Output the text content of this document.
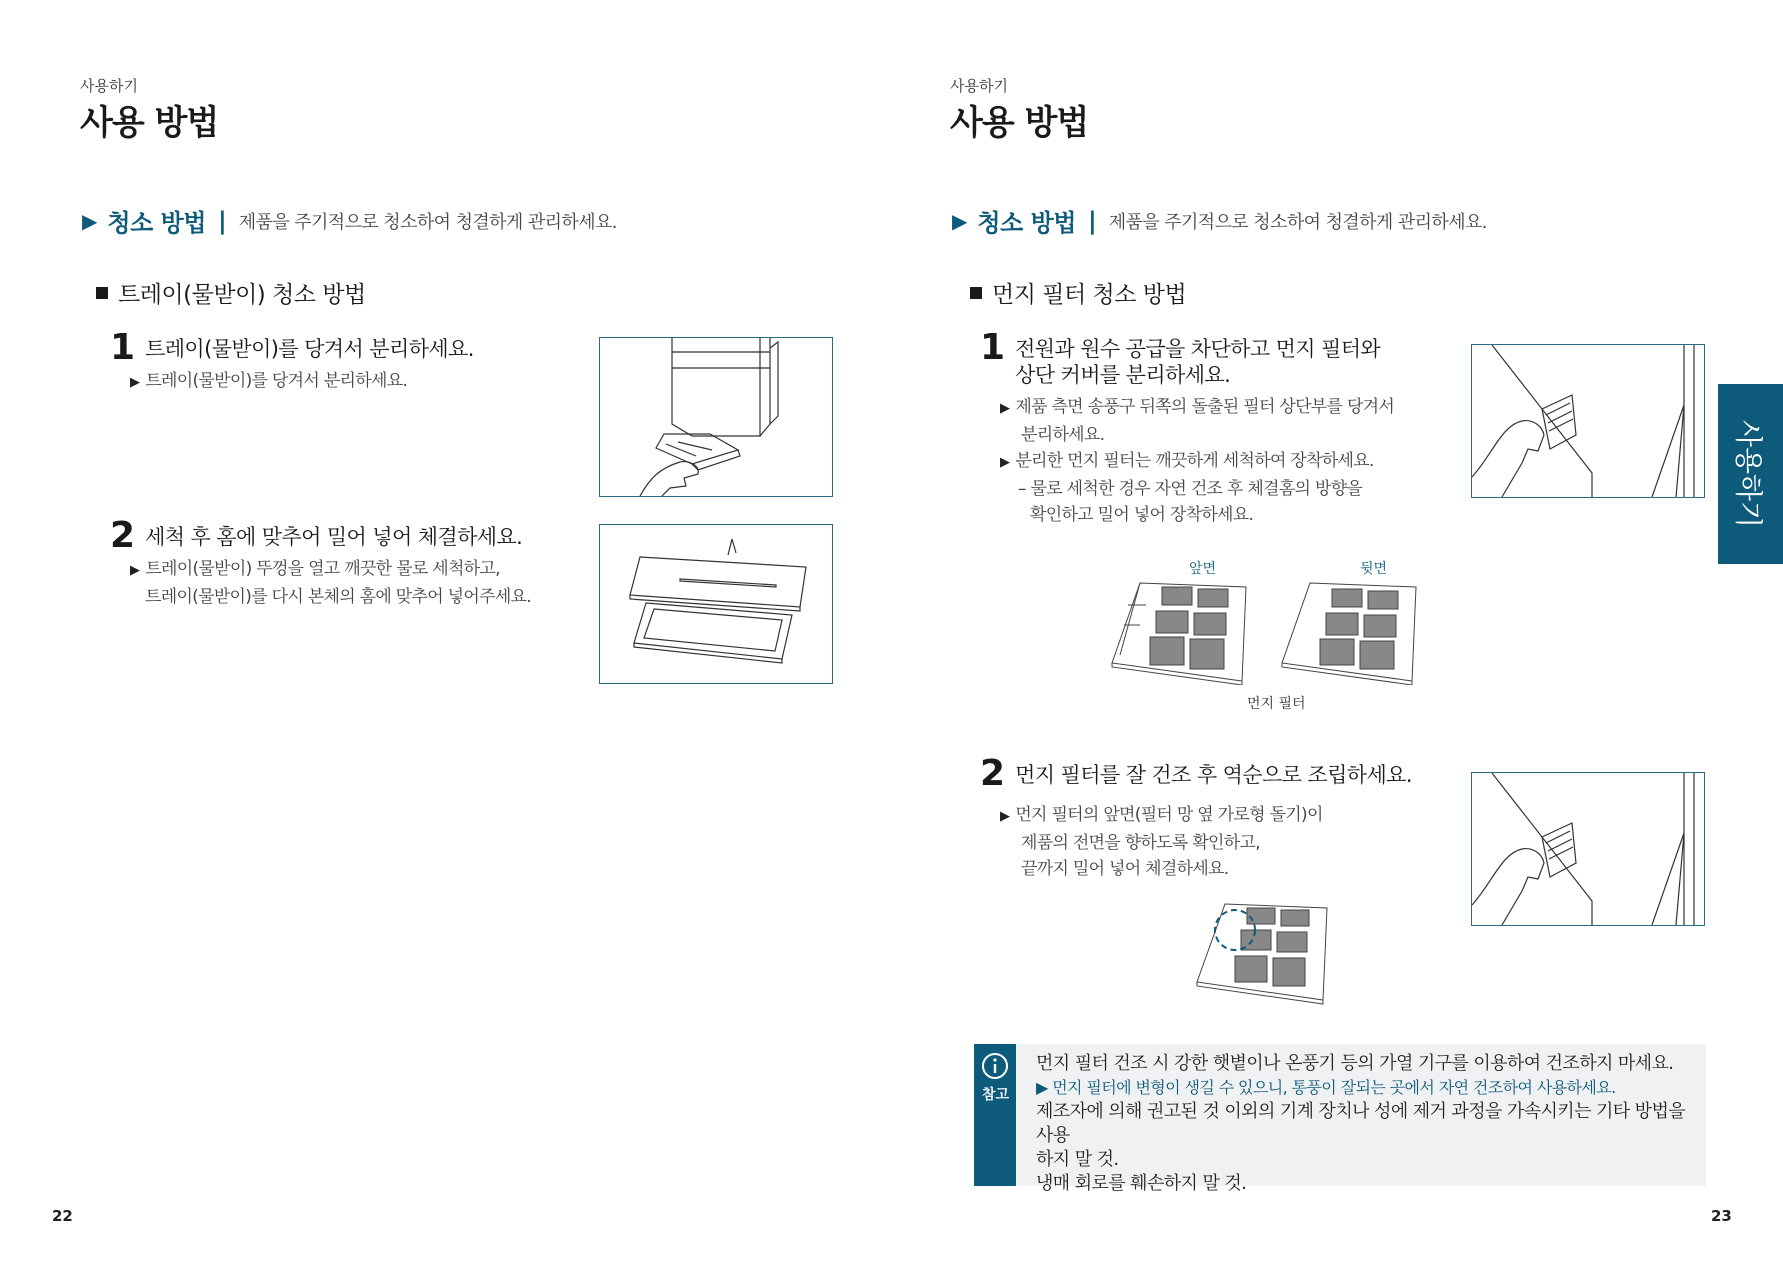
사용하기
사용 방법
▶ 청소 방법 | 제품을 주기적으로 청소하여 청결하게 관리하세요.
트레이(물받이) 청소 방법
1 트레이(물받이)를 당겨서 분리하세요.
▶ 트레이(물받이)를 당겨서 분리하세요.
2 세척 후 홈에 맞추어 밀어 넣어 체결하세요.
▶ 트레이(물받이) 뚜껑을 열고 깨끗한 물로 세척하고,
트레이(물받이)를 다시 본체의 홈에 맞추어 넣어주세요.
22
사용하기
사용 방법
▶ 청소 방법 | 제품을 주기적으로 청소하여 청결하게 관리하세요.
먼지 필터 청소 방법
1 전원과 원수 공급을 차단하고 먼지 필터와
상단 커버를 분리하세요.
▶ 제품 측면 송풍구 뒤쪽의 돌출된 필터 상단부를 당겨서
분리하세요.
▶ 분리한 먼지 필터는 깨끗하게 세척하여 장착하세요.
– 물로 세척한 경우 자연 건조 후 체결홈의 방향을
확인하고 밀어 넣어 장착하세요.
앞면	뒷면
먼지 필터
2 먼지 필터를 잘 건조 후 역순으로 조립하세요.
▶ 먼지 필터의 앞면(필터 망 옆 가로형 돌기)이
제품의 전면을 향하도록 확인하고,
끝까지 밀어 넣어 체결하세요.
참고
먼지 필터 건조 시 강한 햇볕이나 온풍기 등의 가열 기구를 이용하여 건조하지 마세요.
▶ 먼지 필터에 변형이 생길 수 있으니, 통풍이 잘되는 곳에서 자연 건조하여 사용하세요.
제조자에 의해 권고된 것 이외의 기계 장치나 성에 제거 과정을 가속시키는 기타 방법을 사용
하지 말 것.
냉매 회로를 훼손하지 말 것.
사용하기
23
